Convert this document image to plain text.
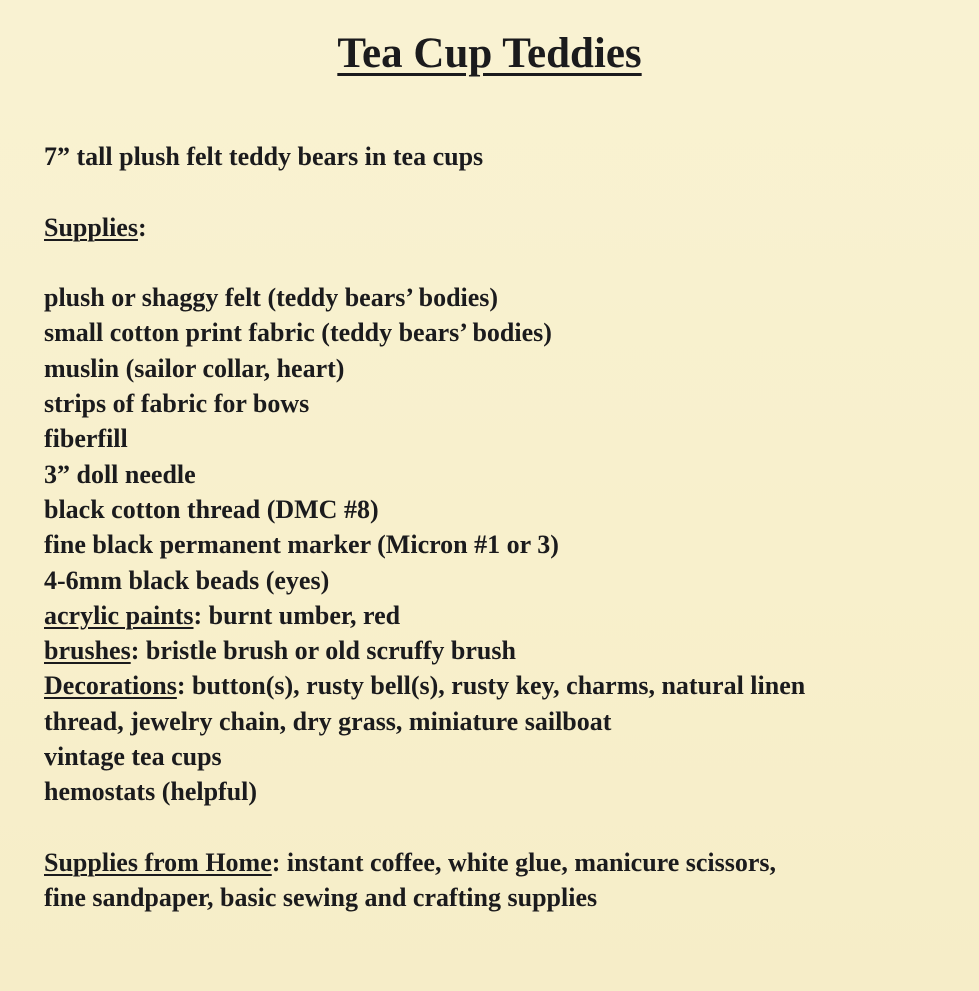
Tea Cup Teddies
7” tall plush felt teddy bears in tea cups
Supplies:
plush or shaggy felt (teddy bears’ bodies)
small cotton print fabric (teddy bears’ bodies)
muslin (sailor collar, heart)
strips of fabric for bows
fiberfill
3” doll needle
black cotton thread (DMC #8)
fine black permanent marker (Micron #1 or 3)
4-6mm black beads (eyes)
acrylic paints: burnt umber, red
brushes: bristle brush or old scruffy brush
Decorations: button(s), rusty bell(s), rusty key, charms, natural linen
thread, jewelry chain, dry grass, miniature sailboat
vintage tea cups
hemostats (helpful)
Supplies from Home: instant coffee, white glue, manicure scissors,
fine sandpaper, basic sewing and crafting supplies
